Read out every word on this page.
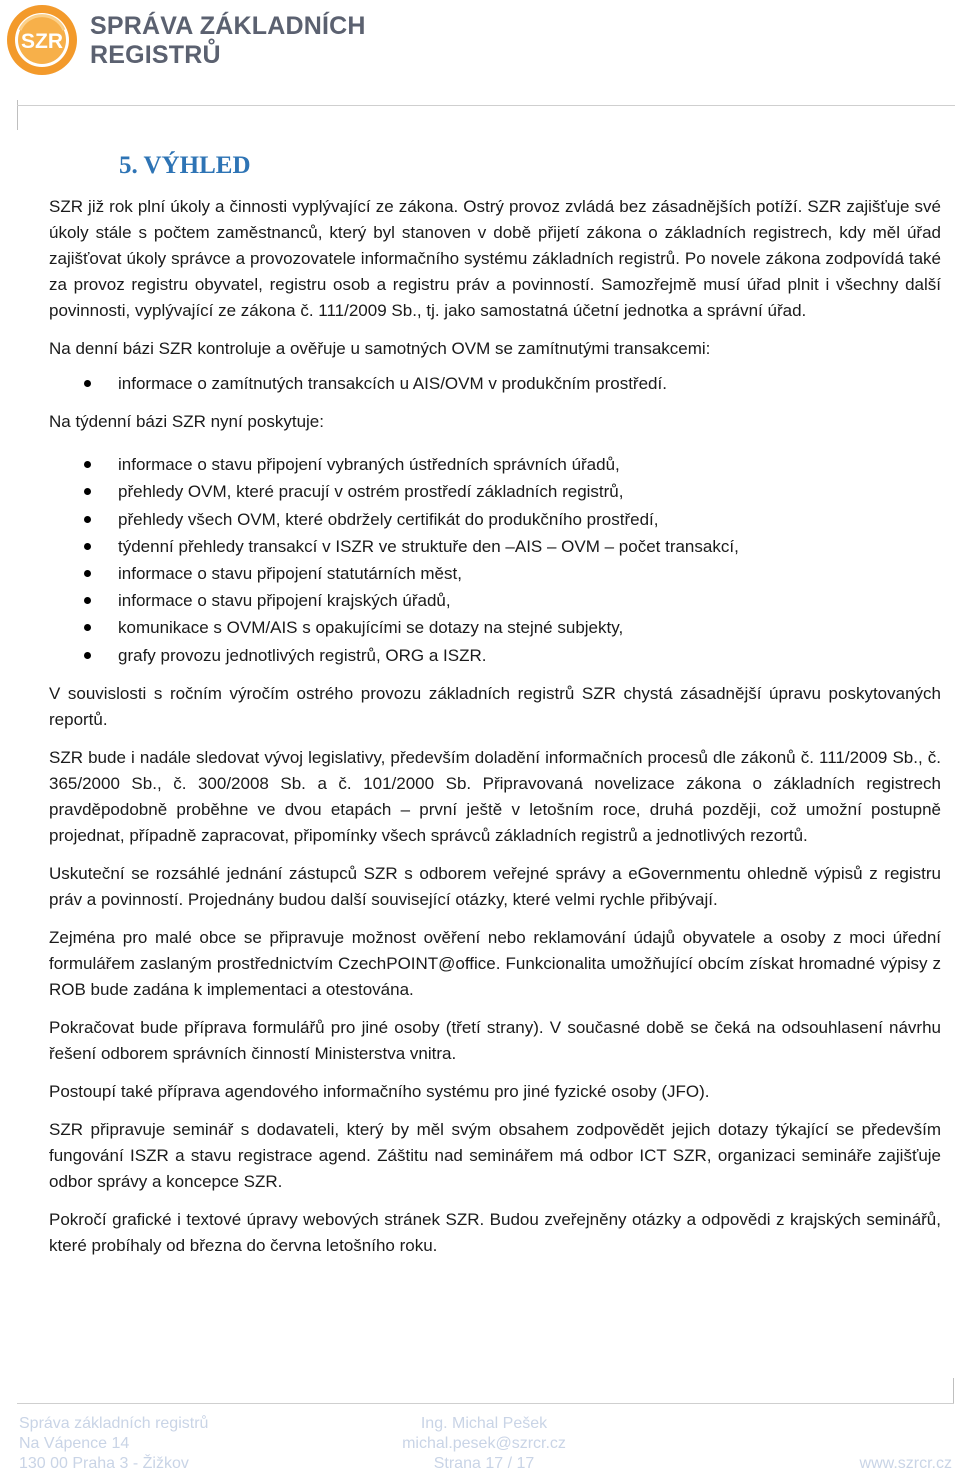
SZR
SPRÁVA ZÁKLADNÍCH
REGISTRŮ
5. VÝHLED

SZR již rok plní úkoly a činnosti vyplývající ze zákona. Ostrý provoz zvládá bez zásadnějších potíží. SZR zajišťuje své úkoly stále s počtem zaměstnanců, který byl stanoven v době přijetí zákona o základních registrech, kdy měl úřad zajišťovat úkoly správce a provozovatele informačního systému základních registrů. Po novele zákona zodpovídá také za provoz registru obyvatel, registru osob a registru práv a povinností. Samozřejmě musí úřad plnit i všechny další povinnosti, vyplývající ze zákona č. 111/2009 Sb., tj. jako samostatná účetní jednotka a správní úřad.

Na denní bázi SZR kontroluje a ověřuje u samotných OVM se zamítnutými transakcemi:

informace o zamítnutých transakcích u AIS/OVM v produkčním prostředí.

Na týdenní bázi SZR nyní poskytuje:

informace o stavu připojení vybraných ústředních správních úřadů,
přehledy OVM, které pracují v ostrém prostředí základních registrů,
přehledy všech OVM, které obdržely certifikát do produkčního prostředí,
týdenní přehledy transakcí v ISZR ve struktuře den –AIS – OVM – počet transakcí,
informace o stavu připojení statutárních měst,
informace o stavu připojení krajských úřadů,
komunikace s OVM/AIS s opakujícími se dotazy na stejné subjekty,
grafy provozu jednotlivých registrů, ORG a ISZR.

V souvislosti s ročním výročím ostrého provozu základních registrů SZR chystá zásadnější úpravu poskytovaných reportů.

SZR bude i nadále sledovat vývoj legislativy, především doladění informačních procesů dle zákonů č. 111/2009 Sb., č. 365/2000 Sb., č. 300/2008 Sb. a č. 101/2000 Sb. Připravovaná novelizace zákona o základních registrech pravděpodobně proběhne ve dvou etapách – první ještě v letošním roce, druhá později, což umožní postupně projednat, případně zapracovat, připomínky všech správců základních registrů a jednotlivých rezortů.

Uskuteční se rozsáhlé jednání zástupců SZR s odborem veřejné správy a eGovernmentu ohledně výpisů z registru práv a povinností. Projednány budou další související otázky, které velmi rychle přibývají.

Zejména pro malé obce se připravuje možnost ověření nebo reklamování údajů obyvatele a osoby z moci úřední formulářem zaslaným prostřednictvím CzechPOINT@office. Funkcionalita umožňující obcím získat hromadné výpisy z ROB bude zadána k implementaci a otestována.

Pokračovat bude příprava formulářů pro jiné osoby (třetí strany). V současné době se čeká na odsouhlasení návrhu řešení odborem správních činností Ministerstva vnitra.

Postoupí také příprava agendového informačního systému pro jiné fyzické osoby (JFO).

SZR připravuje seminář s dodavateli, který by měl svým obsahem zodpovědět jejich dotazy týkající se především fungování ISZR a stavu registrace agend. Záštitu nad seminářem má odbor ICT SZR, organizaci semináře zajišťuje odbor správy a koncepce SZR.

Pokročí grafické i textové úpravy webových stránek SZR. Budou zveřejněny otázky a odpovědi z krajských seminářů, které probíhaly od března do června letošního roku.

Správa základních registrů
Na Vápence 14
130 00 Praha 3 - Žižkov
Ing. Michal Pešek
michal.pesek@szrcr.cz
Strana 17 / 17	www.szrcr.cz
